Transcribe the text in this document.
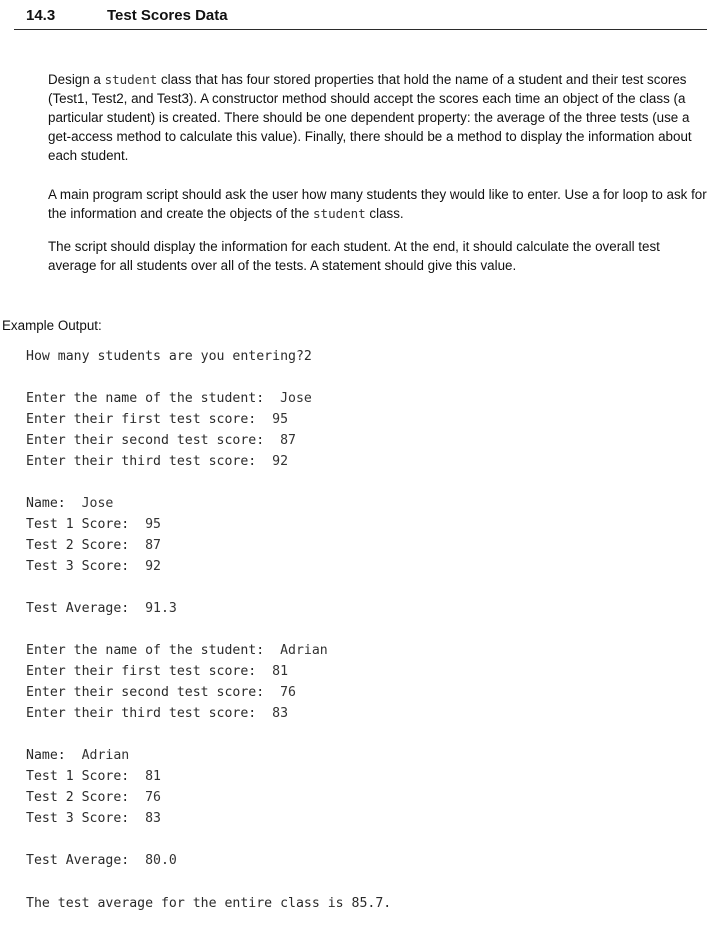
14.3	Test Scores Data

Design a student class that has four stored properties that hold the name of a student and their test scores (Test1, Test2, and Test3). A constructor method should accept the scores each time an object of the class (a particular student) is created. There should be one dependent property: the average of the three tests (use a get-access method to calculate this value). Finally, there should be a method to display the information about each student.

A main program script should ask the user how many students they would like to enter. Use a for loop to ask for the information and create the objects of the student class.

The script should display the information for each student. At the end, it should calculate the overall test average for all students over all of the tests. A statement should give this value.

Example Output:
How many students are you entering?2
Enter the name of the student: Jose
Enter their first test score: 95
Enter their second test score: 87
Enter their third test score: 92
Name: Jose
Test 1 Score: 95
Test 2 Score: 87
Test 3 Score: 92
Test Average: 91.3
Enter the name of the student: Adrian
Enter their first test score: 81
Enter their second test score: 76
Enter their third test score: 83
Name: Adrian
Test 1 Score: 81
Test 2 Score: 76
Test 3 Score: 83
Test Average: 80.0
The test average for the entire class is 85.7.
